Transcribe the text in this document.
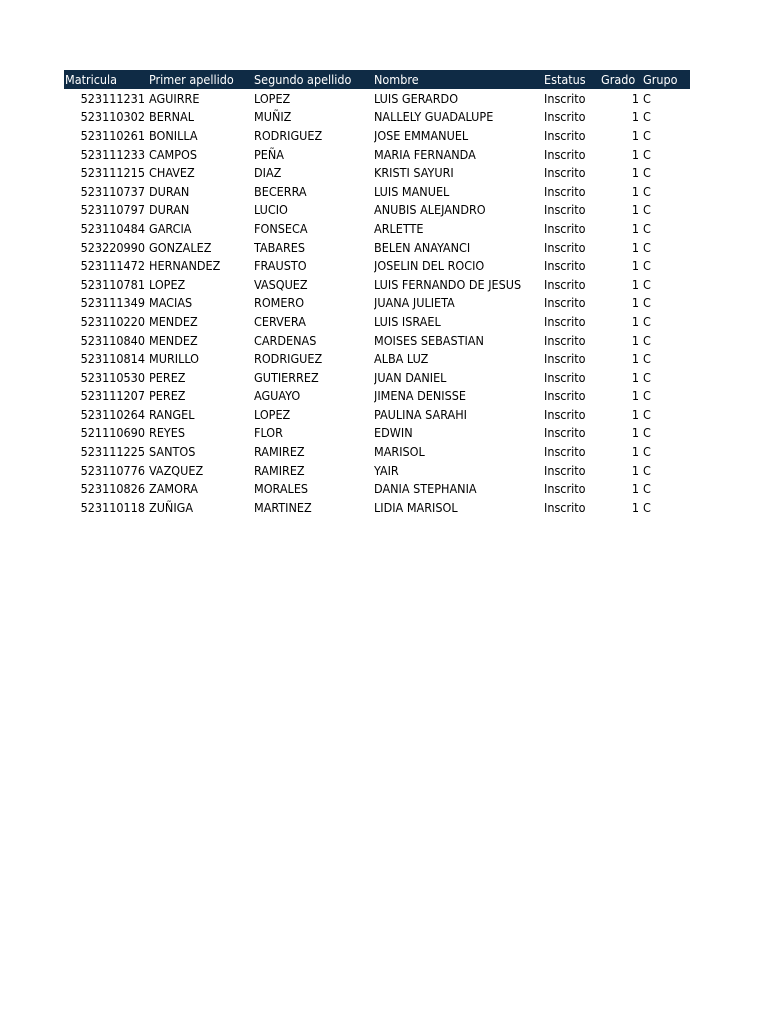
Matricula	Primer apellido	Segundo apellido	Nombre	Estatus	Grado Grupo
523111231 AGUIRRE	LOPEZ	LUIS GERARDO	Inscrito	1 C
523110302 BERNAL	MUÑIZ	NALLELY GUADALUPE	Inscrito	1 C
523110261 BONILLA	RODRIGUEZ	JOSE EMMANUEL	Inscrito	1 C
523111233 CAMPOS	PEÑA	MARIA FERNANDA	Inscrito	1 C
523111215 CHAVEZ	DIAZ	KRISTI SAYURI	Inscrito	1 C
523110737 DURAN	BECERRA	LUIS MANUEL	Inscrito	1 C
523110797 DURAN	LUCIO	ANUBIS ALEJANDRO	Inscrito	1 C
523110484 GARCIA	FONSECA	ARLETTE	Inscrito	1 C
523220990 GONZALEZ	TABARES	BELEN ANAYANCI	Inscrito	1 C
523111472 HERNANDEZ	FRAUSTO	JOSELIN DEL ROCIO	Inscrito	1 C
523110781 LOPEZ	VASQUEZ	LUIS FERNANDO DE JESUS	Inscrito	1 C
523111349 MACIAS	ROMERO	JUANA JULIETA	Inscrito	1 C
523110220 MENDEZ	CERVERA	LUIS ISRAEL	Inscrito	1 C
523110840 MENDEZ	CARDENAS	MOISES SEBASTIAN	Inscrito	1 C
523110814 MURILLO	RODRIGUEZ	ALBA LUZ	Inscrito	1 C
523110530 PEREZ	GUTIERREZ	JUAN DANIEL	Inscrito	1 C
523111207 PEREZ	AGUAYO	JIMENA DENISSE	Inscrito	1 C
523110264 RANGEL	LOPEZ	PAULINA SARAHI	Inscrito	1 C
521110690 REYES	FLOR	EDWIN	Inscrito	1 C
523111225 SANTOS	RAMIREZ	MARISOL	Inscrito	1 C
523110776 VAZQUEZ	RAMIREZ	YAIR	Inscrito	1 C
523110826 ZAMORA	MORALES	DANIA STEPHANIA	Inscrito	1 C
523110118 ZUÑIGA	MARTINEZ	LIDIA MARISOL	Inscrito	1 C
